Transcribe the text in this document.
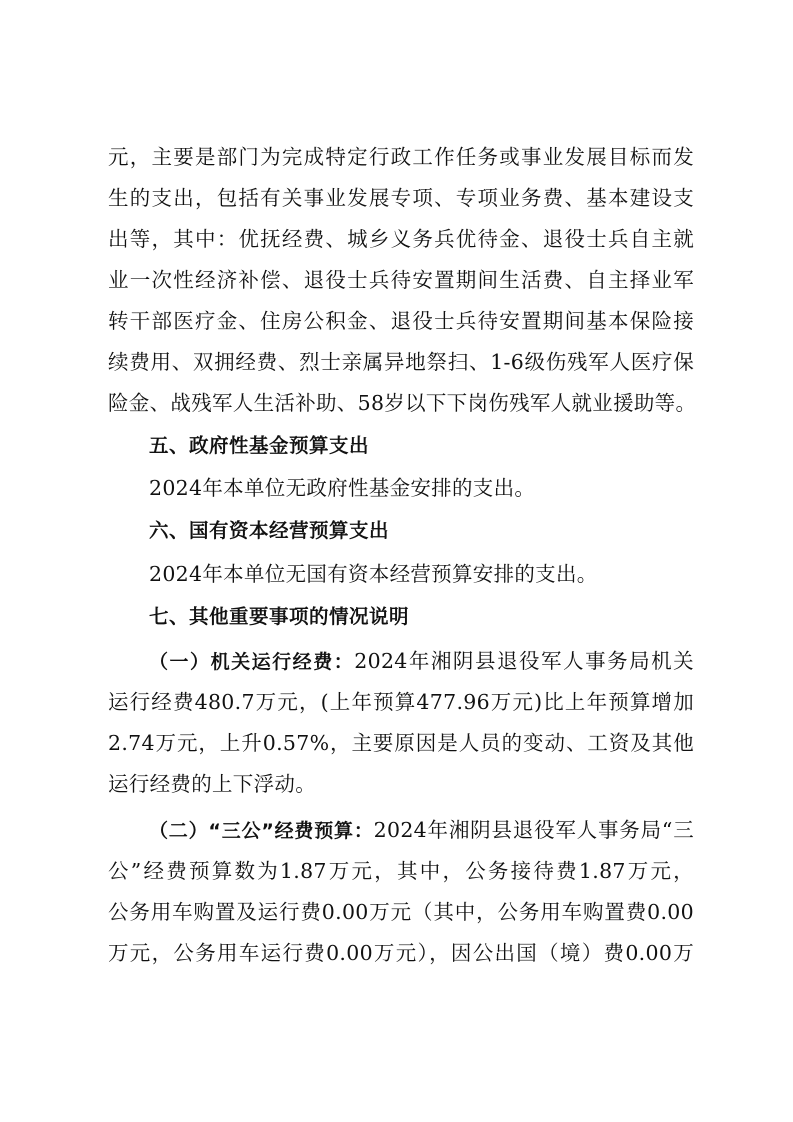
元，主要是部门为完成特定行政工作任务或事业发展目标而发
生的支出，包括有关事业发展专项、专项业务费、基本建设支
出等，其中：优抚经费、城乡义务兵优待金、退役士兵自主就
业一次性经济补偿、退役士兵待安置期间生活费、自主择业军
转干部医疗金、住房公积金、退役士兵待安置期间基本保险接
续费用、双拥经费、烈士亲属异地祭扫、1-6级伤残军人医疗保
险金、战残军人生活补助、58岁以下下岗伤残军人就业援助等。
五、政府性基金预算支出
2024年本单位无政府性基金安排的支出。
六、国有资本经营预算支出
2024年本单位无国有资本经营预算安排的支出。
七、其他重要事项的情况说明
（一）机关运行经费：2024年湘阴县退役军人事务局机关
运行经费480.7万元，(上年预算477.96万元)比上年预算增加
2.74万元，上升0.57%，主要原因是人员的变动、工资及其他
运行经费的上下浮动。
（二）“三公”经费预算：2024年湘阴县退役军人事务局“三
公”经费预算数为1.87万元，其中，公务接待费1.87万元，
公务用车购置及运行费0.00万元（其中，公务用车购置费0.00
万元，公务用车运行费0.00万元），因公出国（境）费0.00万
